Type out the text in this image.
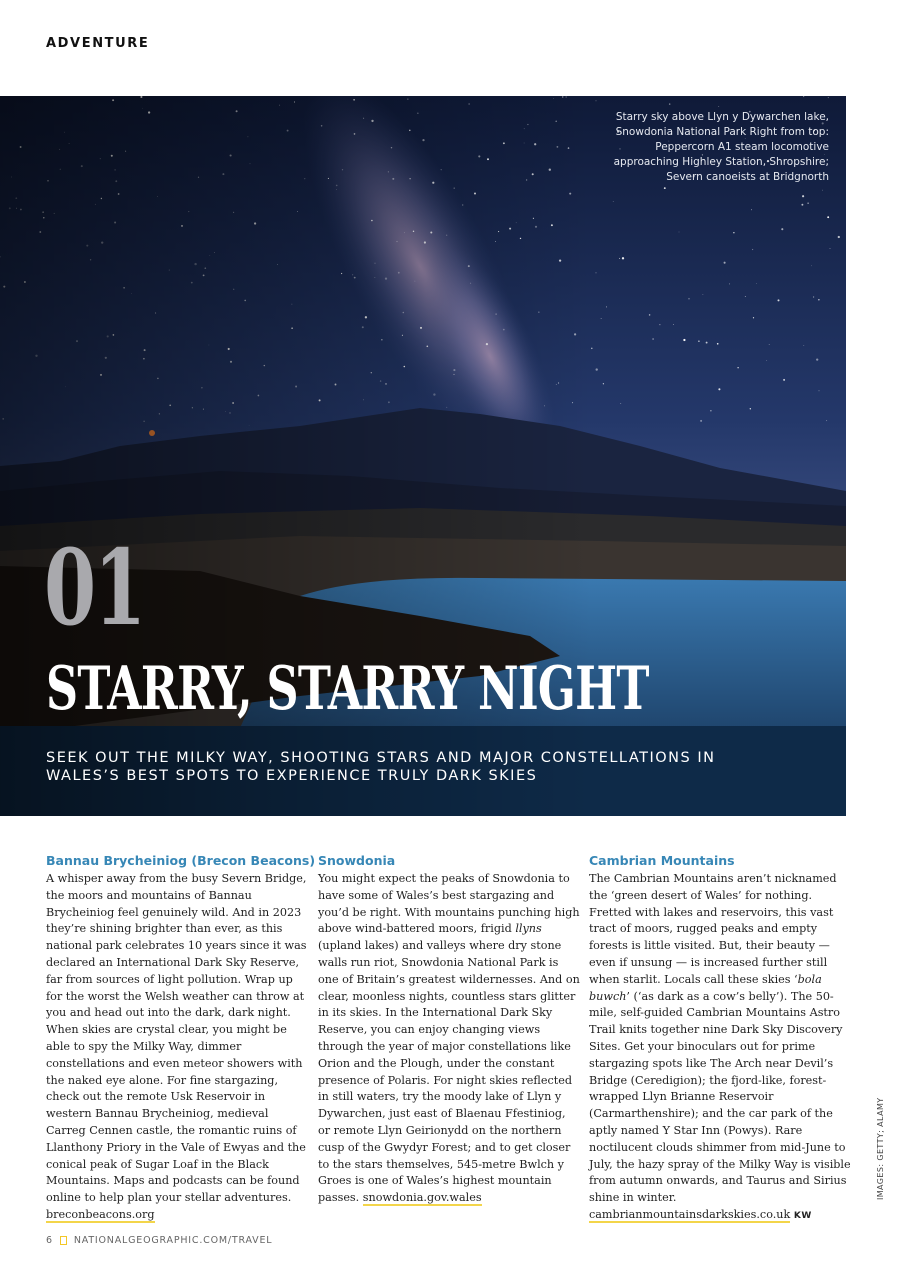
ADVENTURE
Starry sky above Llyn y Dywarchen lake, Snowdonia National Park Right from top: Peppercorn A1 steam locomotive approaching Highley Station, Shropshire; Severn canoeists at Bridgnorth
01
STARRY, STARRY NIGHT
SEEK OUT THE MILKY WAY, SHOOTING STARS AND MAJOR CONSTELLATIONS IN WALES’S BEST SPOTS TO EXPERIENCE TRULY DARK SKIES
Bannau Brycheiniog (Brecon Beacons)

A whisper away from the busy Severn Bridge, the moors and mountains of Bannau Brycheiniog feel genuinely wild. And in 2023 they’re shining brighter than ever, as this national park celebrates 10 years since it was declared an International Dark Sky Reserve, far from sources of light pollution. Wrap up for the worst the Welsh weather can throw at you and head out into the dark, dark night. When skies are crystal clear, you might be able to spy the Milky Way, dimmer constellations and even meteor showers with the naked eye alone. For fine stargazing, check out the remote Usk Reservoir in western Bannau Brycheiniog, medieval Carreg Cennen castle, the romantic ruins of Llanthony Priory in the Vale of Ewyas and the conical peak of Sugar Loaf in the Black Mountains. Maps and podcasts can be found online to help plan your stellar adventures. breconbeacons.org

Snowdonia

You might expect the peaks of Snowdonia to have some of Wales’s best stargazing and you’d be right. With mountains punching high above wind-battered moors, frigid llyns (upland lakes) and valleys where dry stone walls run riot, Snowdonia National Park is one of Britain’s greatest wildernesses. And on clear, moonless nights, countless stars glitter in its skies. In the International Dark Sky Reserve, you can enjoy changing views through the year of major constellations like Orion and the Plough, under the constant presence of Polaris. For night skies reflected in still waters, try the moody lake of Llyn y Dywarchen, just east of Blaenau Ffestiniog, or remote Llyn Geirionydd on the northern cusp of the Gwydyr Forest; and to get closer to the stars themselves, 545-metre Bwlch y Groes is one of Wales’s highest mountain passes. snowdonia.gov.wales

Cambrian Mountains

The Cambrian Mountains aren’t nicknamed the ‘green desert of Wales’ for nothing. Fretted with lakes and reservoirs, this vast tract of moors, rugged peaks and empty forests is little visited. But, their beauty — even if unsung — is increased further still when starlit. Locals call these skies ‘bola buwch’ (‘as dark as a cow’s belly’). The 50-mile, self-guided Cambrian Mountains Astro Trail knits together nine Dark Sky Discovery Sites. Get your binoculars out for prime stargazing spots like The Arch near Devil’s Bridge (Ceredigion); the fjord-like, forest-wrapped Llyn Brianne Reservoir (Carmarthenshire); and the car park of the aptly named Y Star Inn (Powys). Rare noctilucent clouds shimmer from mid-June to July, the hazy spray of the Milky Way is visible from autumn onwards, and Taurus and Sirius shine in winter. cambrianmountainsdarkskies.co.uk KW

6 NATIONALGEOGRAPHIC.COM/TRAVEL
IMAGES: GETTY; ALAMY
